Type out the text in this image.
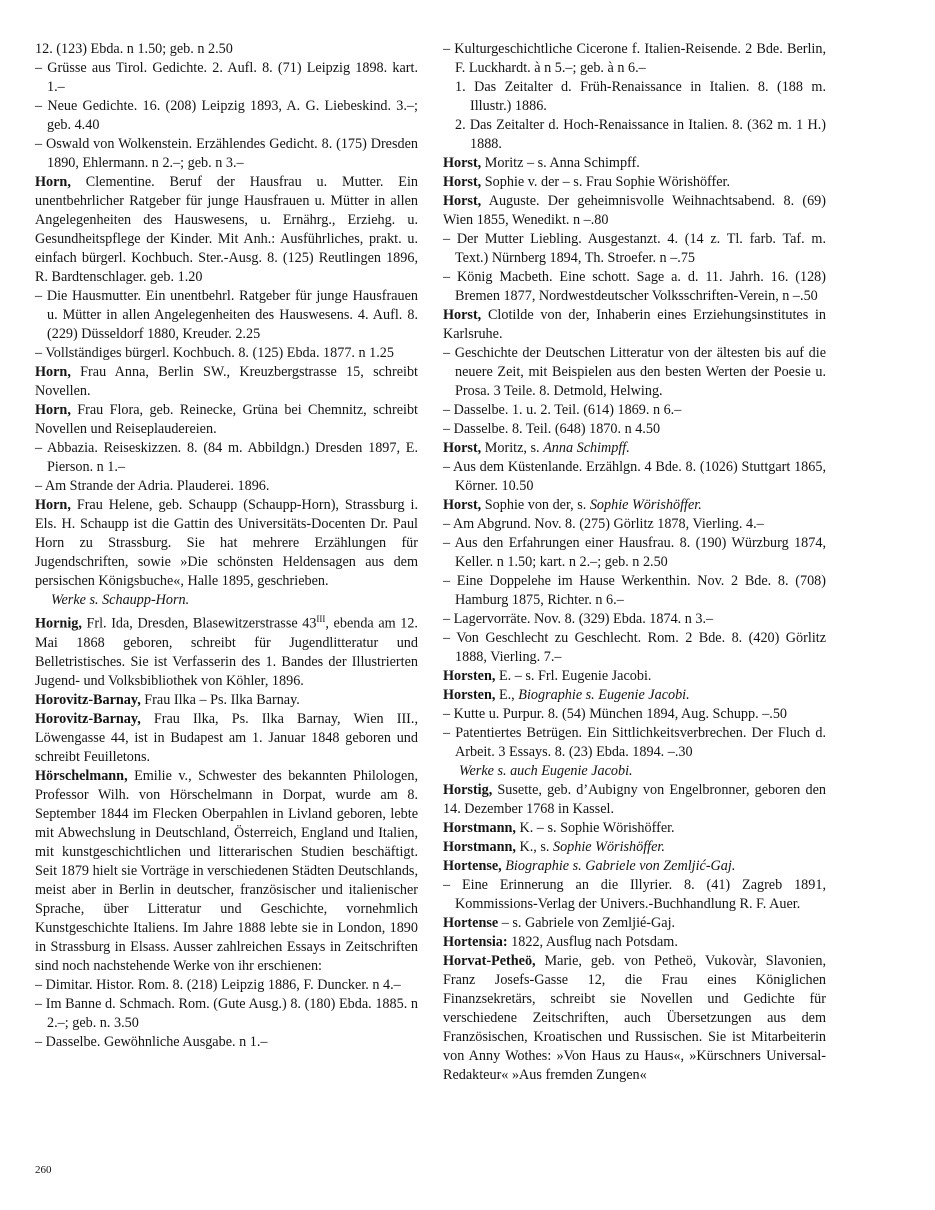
12. (123) Ebda. n 1.50; geb. n 2.50

– Grüsse aus Tirol. Gedichte. 2. Aufl. 8. (71) Leipzig 1898. kart. 1.–

– Neue Gedichte. 16. (208) Leipzig 1893, A. G. Liebeskind. 3.–; geb. 4.40

– Oswald von Wolkenstein. Erzählendes Gedicht. 8. (175) Dresden 1890, Ehlermann. n 2.–; geb. n 3.–

Horn, Clementine. Beruf der Hausfrau u. Mutter. Ein unentbehrlicher Ratgeber für junge Hausfrauen u. Mütter in allen Angelegenheiten des Hauswesens, u. Ernährg., Erziehg. u. Gesundheitspflege der Kinder. Mit Anh.: Ausführliches, prakt. u. einfach bürgerl. Kochbuch. Ster.-Ausg. 8. (125) Reutlingen 1896, R. Bardtenschlager. geb. 1.20

– Die Hausmutter. Ein unentbehrl. Ratgeber für junge Hausfrauen u. Mütter in allen Angelegenheiten des Hauswesens. 4. Aufl. 8. (229) Düsseldorf 1880, Kreuder. 2.25

– Vollständiges bürgerl. Kochbuch. 8. (125) Ebda. 1877. n 1.25

Horn, Frau Anna, Berlin SW., Kreuzbergstrasse 15, schreibt Novellen.

Horn, Frau Flora, geb. Reinecke, Grüna bei Chemnitz, schreibt Novellen und Reiseplaudereien.

– Abbazia. Reiseskizzen. 8. (84 m. Abbildgn.) Dresden 1897, E. Pierson. n 1.–

– Am Strande der Adria. Plauderei. 1896.

Horn, Frau Helene, geb. Schaupp (Schaupp-Horn), Strassburg i. Els. H. Schaupp ist die Gattin des Universitäts-Docenten Dr. Paul Horn zu Strassburg. Sie hat mehrere Erzählungen für Jugendschriften, sowie »Die schönsten Heldensagen aus dem persischen Königsbuche«, Halle 1895, geschrieben.

Werke s. Schaupp-Horn.

Hornig, Frl. Ida, Dresden, Blasewitzerstrasse $43^{III}$, ebenda am 12. Mai 1868 geboren, schreibt für Jugendlitteratur und Belletristisches. Sie ist Verfasserin des 1. Bandes der Illustrierten Jugend- und Volksbibliothek von Köhler, 1896.

Horovitz-Barnay, Frau Ilka – Ps. Ilka Barnay.

Horovitz-Barnay, Frau Ilka, Ps. Ilka Barnay, Wien III., Löwengasse 44, ist in Budapest am 1. Januar 1848 geboren und schreibt Feuilletons.

Hörschelmann, Emilie v., Schwester des bekannten Philologen, Professor Wilh. von Hörschelmann in Dorpat, wurde am 8. September 1844 im Flecken Oberpahlen in Livland geboren, lebte mit Abwechslung in Deutschland, Österreich, England und Italien, mit kunstgeschichtlichen und litterarischen Studien beschäftigt. Seit 1879 hielt sie Vorträge in verschiedenen Städten Deutschlands, meist aber in Berlin in deutscher, französischer und italienischer Sprache, über Litteratur und Geschichte, vornehmlich Kunstgeschichte Italiens. Im Jahre 1888 lebte sie in London, 1890 in Strassburg in Elsass. Ausser zahlreichen Essays in Zeitschriften sind noch nachstehende Werke von ihr erschienen:

– Dimitar. Histor. Rom. 8. (218) Leipzig 1886, F. Duncker. n 4.–

– Im Banne d. Schmach. Rom. (Gute Ausg.) 8. (180) Ebda. 1885. n 2.–; geb. n. 3.50

– Dasselbe. Gewöhnliche Ausgabe. n 1.–

– Kulturgeschichtliche Cicerone f. Italien-Reisende. 2 Bde. Berlin, F. Luckhardt. à n 5.–; geb. à n 6.–

1. Das Zeitalter d. Früh-Renaissance in Italien. 8. (188 m. Illustr.) 1886.

2. Das Zeitalter d. Hoch-Renaissance in Italien. 8. (362 m. 1 H.) 1888.

Horst, Moritz – s. Anna Schimpff.

Horst, Sophie v. der – s. Frau Sophie Wörishöffer.

Horst, Auguste. Der geheimnisvolle Weihnachtsabend. 8. (69) Wien 1855, Wenedikt. n –.80

– Der Mutter Liebling. Ausgestanzt. 4. (14 z. Tl. farb. Taf. m. Text.) Nürnberg 1894, Th. Stroefer. n –.75

– König Macbeth. Eine schott. Sage a. d. 11. Jahrh. 16. (128) Bremen 1877, Nordwestdeutscher Volksschriften-Verein, n –.50

Horst, Clotilde von der, Inhaberin eines Erziehungsinstitutes in Karlsruhe.

– Geschichte der Deutschen Litteratur von der ältesten bis auf die neuere Zeit, mit Beispielen aus den besten Werten der Poesie u. Prosa. 3 Teile. 8. Detmold, Helwing.

– Dasselbe. 1. u. 2. Teil. (614) 1869. n 6.–

– Dasselbe. 8. Teil. (648) 1870. n 4.50

Horst, Moritz, s. Anna Schimpff.

– Aus dem Küstenlande. Erzählgn. 4 Bde. 8. (1026) Stuttgart 1865, Körner. 10.50

Horst, Sophie von der, s. Sophie Wörishöffer.

– Am Abgrund. Nov. 8. (275) Görlitz 1878, Vierling. 4.–

– Aus den Erfahrungen einer Hausfrau. 8. (190) Würzburg 1874, Keller. n 1.50; kart. n 2.–; geb. n 2.50

– Eine Doppelehe im Hause Werkenthin. Nov. 2 Bde. 8. (708) Hamburg 1875, Richter. n 6.–

– Lagervorräte. Nov. 8. (329) Ebda. 1874. n 3.–

– Von Geschlecht zu Geschlecht. Rom. 2 Bde. 8. (420) Görlitz 1888, Vierling. 7.–

Horsten, E. – s. Frl. Eugenie Jacobi.

Horsten, E., Biographie s. Eugenie Jacobi.

– Kutte u. Purpur. 8. (54) München 1894, Aug. Schupp. –.50

– Patentiertes Betrügen. Ein Sittlichkeitsverbrechen. Der Fluch d. Arbeit. 3 Essays. 8. (23) Ebda. 1894. –.30

Werke s. auch Eugenie Jacobi.

Horstig, Susette, geb. d’Aubigny von Engelbronner, geboren den 14. Dezember 1768 in Kassel.

Horstmann, K. – s. Sophie Wörishöffer.

Horstmann, K., s. Sophie Wörishöffer.

Hortense, Biographie s. Gabriele von Zemljić-Gaj.

– Eine Erinnerung an die Illyrier. 8. (41) Zagreb 1891, Kommissions-Verlag der Univers.-Buchhandlung R. F. Auer.

Hortense – s. Gabriele von Zemljié-Gaj.

Hortensia: 1822, Ausflug nach Potsdam.

Horvat-Petheö, Marie, geb. von Petheö, Vukovàr, Slavonien, Franz Josefs-Gasse 12, die Frau eines Königlichen Finanzsekretärs, schreibt sie Novellen und Gedichte für verschiedene Zeitschriften, auch Übersetzungen aus dem Französischen, Kroatischen und Russischen. Sie ist Mitarbeiterin von Anny Wothes: »Von Haus zu Haus«, »Kürschners Universal-Redakteur« »Aus fremden Zungen«

260
